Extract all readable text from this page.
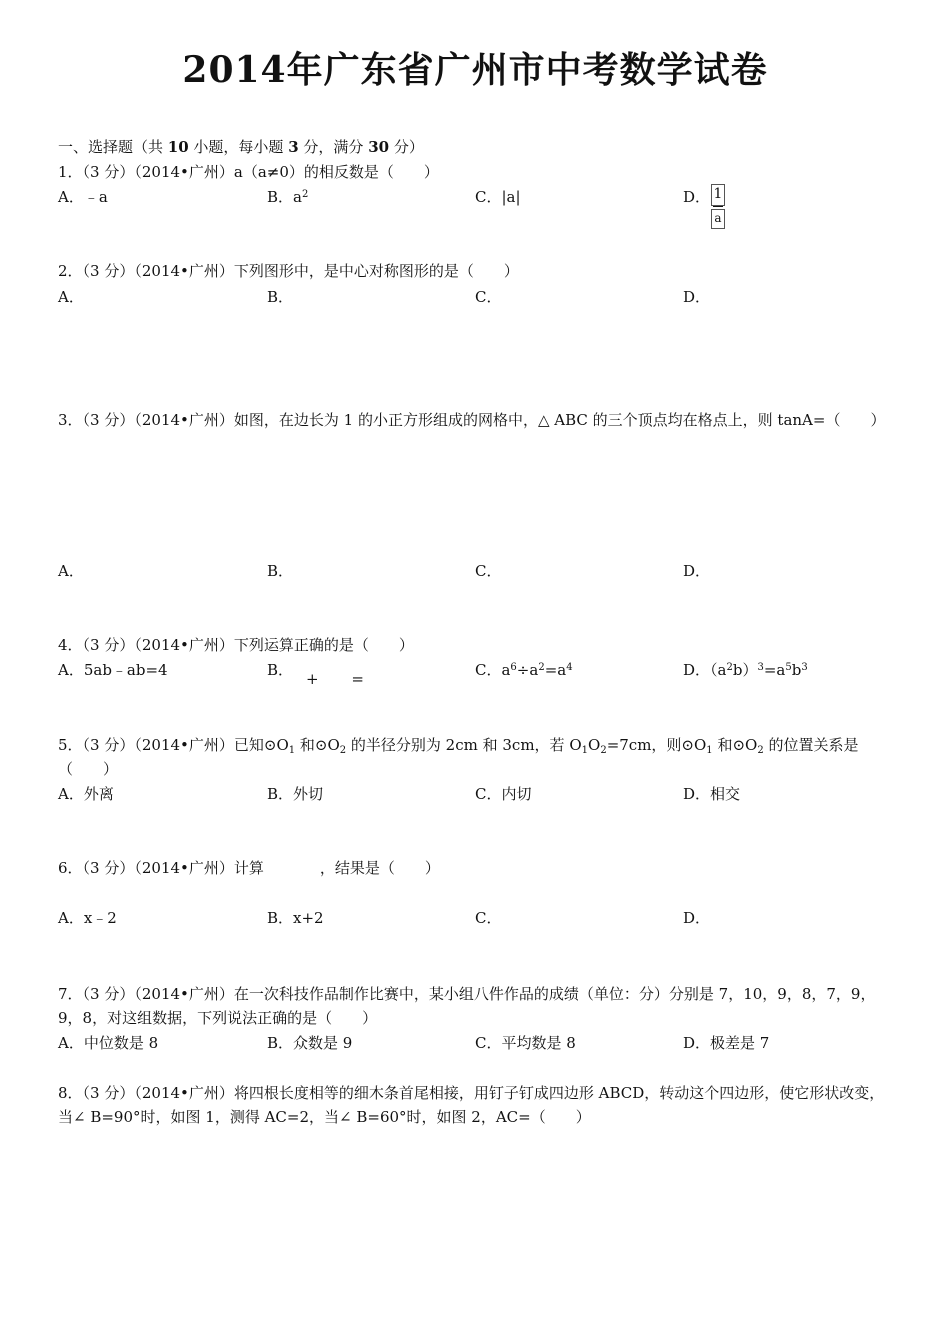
2014年广东省广州市中考数学试卷
一、选择题（共 10 小题，每小题 3 分，满分 30 分）
1．（3 分）（2014•广州）a（a≠0）的相反数是（　　）
A．﹣a	B．$a^2$	C．|a|	D． $\frac{1}{a}$
2．（3 分）（2014•广州）下列图形中，是中心对称图形的是（　　）
A．	B．	C．	D．
3．（3 分）（2014•广州）如图，在边长为 1 的小正方形组成的网格中，△ ABC 的三个顶点均在格点上，则 tanA=（　　）
A．	B．	C．	D．
4．（3 分）（2014•广州）下列运算正确的是（　　）
A．5ab﹣ab=4	B． + =	C．$a^6\div a^2=a^4$	D．$(a^2b)^3=a^5b^3$
5．（3 分）（2014•广州）已知$⊙O_1$ 和$⊙O_2$ 的半径分别为 2cm 和 3cm，若 $O_1O_2=7cm$，则$⊙O_1$ 和$⊙O_2$ 的位置关系是（　　）
A．外离	B．外切	C．内切	D．相交
6．（3 分）（2014•广州）计算	，结果是（　　）
A．x﹣2	B．x+2	C．	D．
7．（3 分）（2014•广州）在一次科技作品制作比赛中，某小组八件作品的成绩（单位：分）分别是 7，10，9，8，7，9，9，8，对这组数据，下列说法正确的是（　　）
A．中位数是 8	B．众数是 9	C．平均数是 8	D．极差是 7
8．（3 分）（2014•广州）将四根长度相等的细木条首尾相接，用钉子钉成四边形 ABCD，转动这个四边形，使它形状改变，当∠ B=90°时，如图 1，测得 AC=2，当∠ B=60°时，如图 2，AC=（　　）
